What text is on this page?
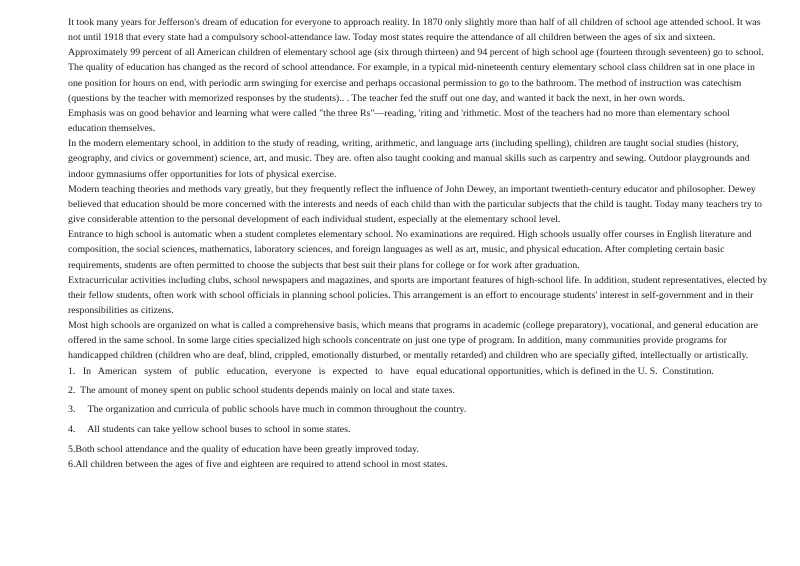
It took many years for Jefferson's dream of education for everyone to approach reality. In 1870 only slightly more than half of all children of school age attended school. It was not until 1918 that every state had a compulsory school-attendance law. Today most states require the attendance of all children between the ages of six and sixteen. Approximately 99 percent of all American children of elementary school age (six through thirteen) and 94 percent of high school age (fourteen through seventeen) go to school.

The quality of education has changed as the record of school attendance. For example, in a typical mid-nineteenth century elementary school class children sat in one place in one position for hours on end, with periodic arm swinging for exercise and perhaps occasional permission to go to the bathroom. The method of instruction was catechism (questions by the teacher with memorized responses by the students).. . The teacher fed the stuff out one day, and wanted it back the next, in her own words.

Emphasis was on good behavior and learning what were called "the three Rs"—reading, 'riting and 'rithmetic. Most of the teachers had no more than elementary school education themselves.

In the modern elementary school, in addition to the study of reading, writing, arithmetic, and language arts (including spelling), children are taught social studies (history, geography, and civics or government) science, art, and music. They are. often also taught cooking and manual skills such as carpentry and sewing. Outdoor playgrounds and indoor gymnasiums offer opportunities for lots of physical exercise.

Modern teaching theories and methods vary greatly, but they frequently reflect the influence of John Dewey, an important twentieth-century educator and philosopher. Dewey believed that education should be more concerned with the interests and needs of each child than with the particular subjects that the child is taught. Today many teachers try to give considerable attention to the personal development of each individual student, especially at the elementary school level.

Entrance to high school is automatic when a student completes elementary school. No examinations are required. High schools usually offer courses in English literature and composition, the social sciences, mathematics, laboratory sciences, and foreign languages as well as art, music, and physical education. After completing certain basic requirements, students are often permitted to choose the subjects that best suit their plans for college or for work after graduation.

Extracurricular activities including clubs, school newspapers and magazines, and sports are important features of high-school life. In addition, student representatives, elected by their fellow students, often work with school officials in planning school policies. This arrangement is an effort to encourage students' interest in self-government and in their responsibilities as citizens.

Most high schools are organized on what is called a comprehensive basis, which means that programs in academic (college preparatory), vocational, and general education are offered in the same school. In some large cities specialized high schools concentrate on just one type of program. In addition, many communities provide programs for handicapped children (children who are deaf, blind, crippled, emotionally disturbed, or mentally retarded) and children who are specially gifted, intellectually or artistically.

1.   In   American   system   of   public   education,   everyone   is   expected   to   have   equal educational opportunities, which is defined in the U. S.  Constitution.

2.  The amount of money spent on public school students depends mainly on local and state taxes.

3.     The organization and curricula of public schools have much in common throughout the country.

4.     All students can take yellow school buses to school in some states.

5.Both school attendance and the quality of education have been greatly improved today.

6.All children between the ages of five and eighteen are required to attend school in most states.
